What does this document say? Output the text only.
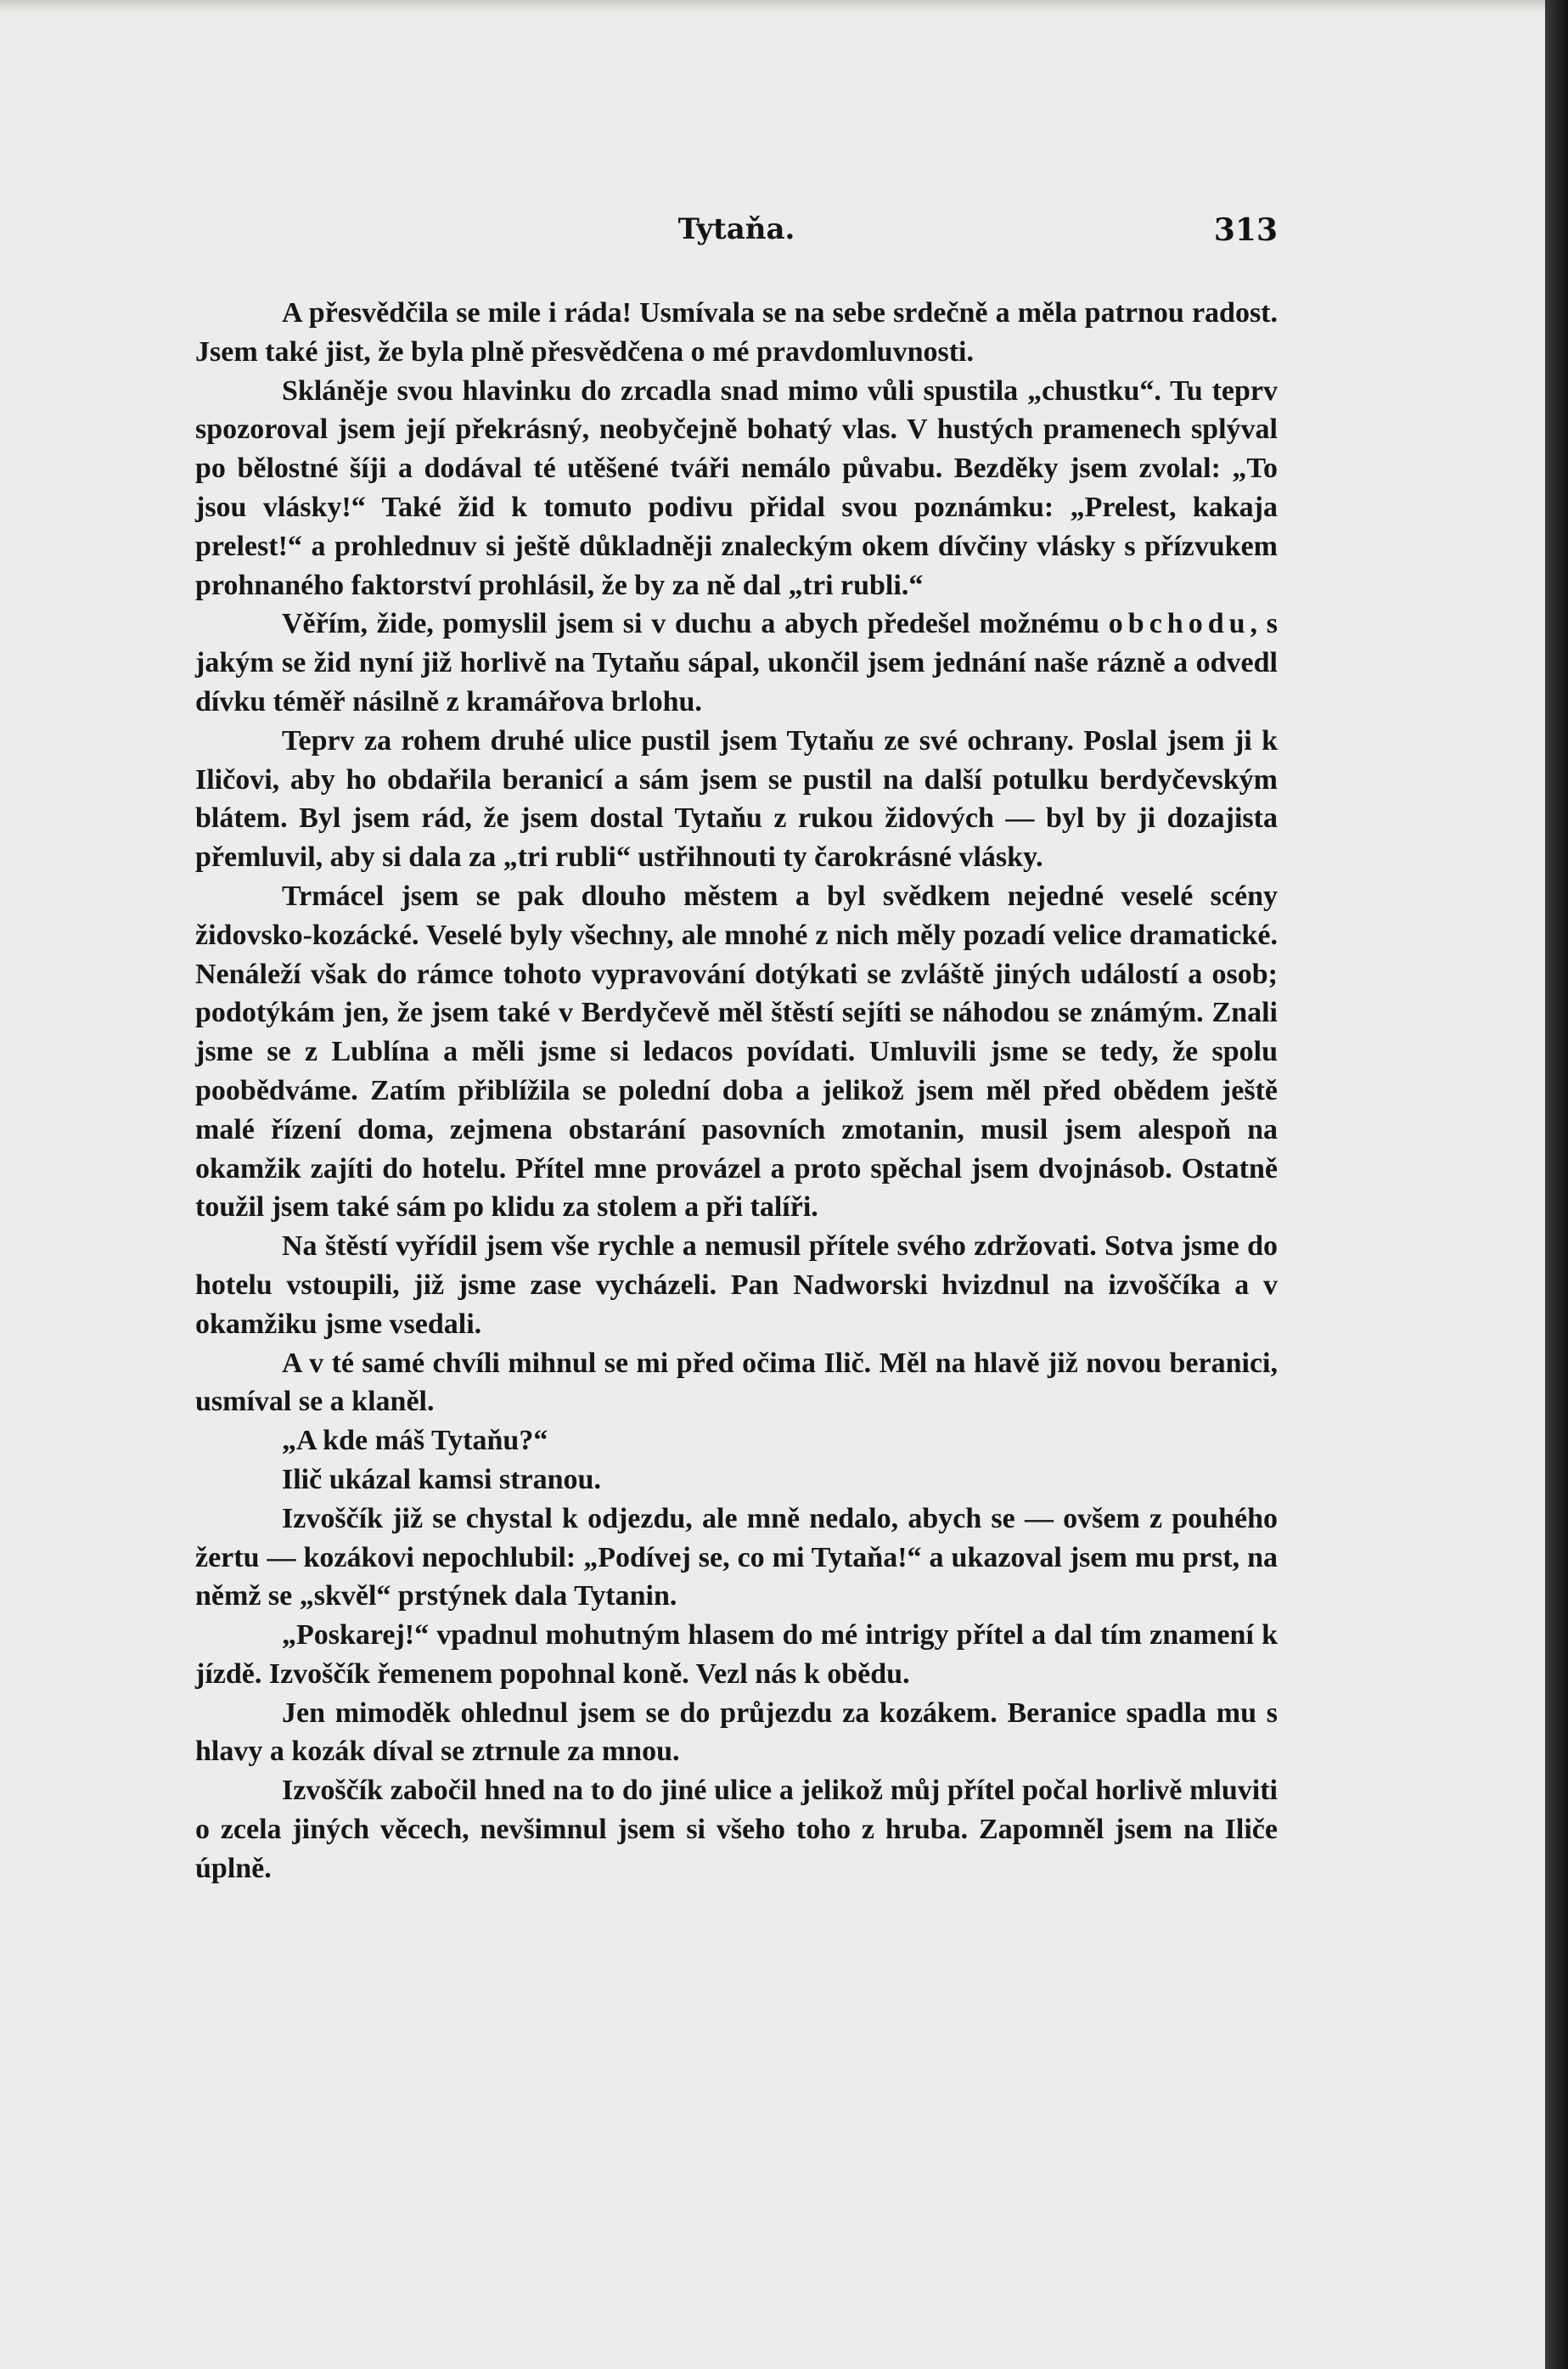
Tytaňa.	313

A přesvědčila se mile i ráda! Usmívala se na sebe srdečně a měla patrnou radost. Jsem také jist, že byla plně přesvědčena o mé pravdomluvnosti.

Skláněje svou hlavinku do zrcadla snad mimo vůli spustila „chustku“. Tu teprv spozoroval jsem její překrásný, neobyčejně bohatý vlas. V hustých pramenech splýval po bělostné šíji a dodával té utěšené tváři nemálo půvabu. Bezděky jsem zvolal: „To jsou vlásky!“ Také žid k tomuto podivu přidal svou poznámku: „Prelest, kakaja prelest!“ a prohlednuv si ještě důkladněji znaleckým okem dívčiny vlásky s přízvukem prohnaného faktorství prohlásil, že by za ně dal „tri rubli.“

Věřím, žide, pomyslil jsem si v duchu a abych předešel možnému obchodu, s jakým se žid nyní již horlivě na Tytaňu sápal, ukončil jsem jednání naše rázně a odvedl dívku téměř násilně z kramářova brlohu.

Teprv za rohem druhé ulice pustil jsem Tytaňu ze své ochrany. Poslal jsem ji k Iličovi, aby ho obdařila beranicí a sám jsem se pustil na další potulku berdyčevským blátem. Byl jsem rád, že jsem dostal Tytaňu z rukou židových — byl by ji dozajista přemluvil, aby si dala za „tri rubli“ ustřihnouti ty čarokrásné vlásky.

Trmácel jsem se pak dlouho městem a byl svědkem nejedné veselé scény židovsko-kozácké. Veselé byly všechny, ale mnohé z nich měly pozadí velice dramatické. Nenáleží však do rámce tohoto vypravování dotýkati se zvláště jiných událostí a osob; podotýkám jen, že jsem také v Berdyčevě měl štěstí sejíti se náhodou se známým. Znali jsme se z Lublína a měli jsme si ledacos povídati. Umluvili jsme se tedy, že spolu poobědváme. Zatím přiblížila se polední doba a jelikož jsem měl před obědem ještě malé řízení doma, zejmena obstarání pasovních zmotanin, musil jsem alespoň na okamžik zajíti do hotelu. Přítel mne provázel a proto spěchal jsem dvojnásob. Ostatně toužil jsem také sám po klidu za stolem a při talíři.

Na štěstí vyřídil jsem vše rychle a nemusil přítele svého zdržovati. Sotva jsme do hotelu vstoupili, již jsme zase vycházeli. Pan Nadworski hvizdnul na izvoščíka a v okamžiku jsme vsedali.

A v té samé chvíli mihnul se mi před očima Ilič. Měl na hlavě již novou beranici, usmíval se a klaněl.

„A kde máš Tytaňu?“

Ilič ukázal kamsi stranou.

Izvoščík již se chystal k odjezdu, ale mně nedalo, abych se — ovšem z pouhého žertu — kozákovi nepochlubil: „Podívej se, co mi Tytaňa!“ a ukazoval jsem mu prst, na němž se „skvěl“ prstýnek dala Tytanin.

„Poskarej!“ vpadnul mohutným hlasem do mé intrigy přítel a dal tím znamení k jízdě. Izvoščík řemenem popohnal koně. Vezl nás k obědu.

Jen mimoděk ohlednul jsem se do průjezdu za kozákem. Beranice spadla mu s hlavy a kozák díval se ztrnule za mnou.

Izvoščík zabočil hned na to do jiné ulice a jelikož můj přítel počal horlivě mluviti o zcela jiných věcech, nevšimnul jsem si všeho toho z hruba. Zapomněl jsem na Iliče úplně.
